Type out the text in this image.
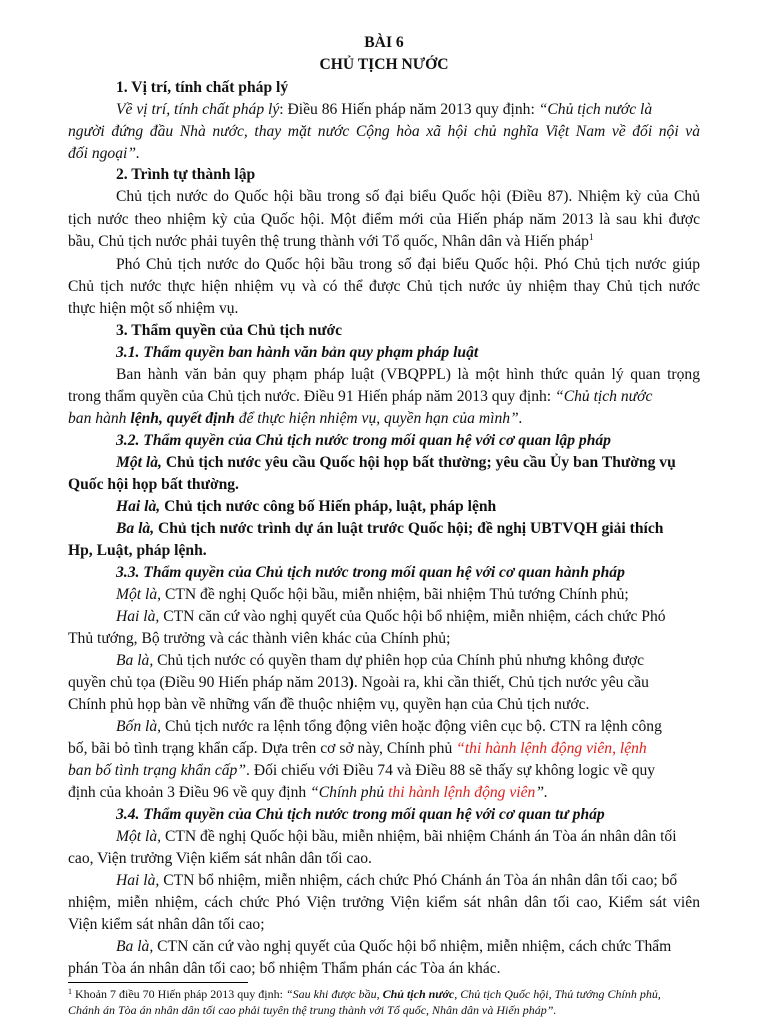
BÀI 6
CHỦ TỊCH NƯỚC
1. Vị trí, tính chất pháp lý
Về vị trí, tính chất pháp lý: Điều 86 Hiến pháp năm 2013 quy định: “Chủ tịch nước là
người đứng đầu Nhà nước, thay mặt nước Cộng hòa xã hội chủ nghĩa Việt Nam về đối nội và
đối ngoại”.
2. Trình tự thành lập
Chủ tịch nước do Quốc hội bầu trong số đại biểu Quốc hội (Điều 87). Nhiệm kỳ của Chủ
tịch nước theo nhiệm kỳ của Quốc hội. Một điểm mới của Hiến pháp năm 2013 là sau khi được
bầu, Chủ tịch nước phải tuyên thệ trung thành với Tổ quốc, Nhân dân và Hiến pháp$^1$
Phó Chủ tịch nước do Quốc hội bầu trong số đại biểu Quốc hội. Phó Chủ tịch nước giúp
Chủ tịch nước thực hiện nhiệm vụ và có thể được Chủ tịch nước ủy nhiệm thay Chủ tịch nước
thực hiện một số nhiệm vụ.
3. Thẩm quyền của Chủ tịch nước
3.1. Thẩm quyền ban hành văn bản quy phạm pháp luật
Ban hành văn bản quy phạm pháp luật (VBQPPL) là một hình thức quản lý quan trọng
trong thẩm quyền của Chủ tịch nước. Điều 91 Hiến pháp năm 2013 quy định: “Chủ tịch nước
ban hành lệnh, quyết định để thực hiện nhiệm vụ, quyền hạn của mình”.
3.2. Thẩm quyền của Chủ tịch nước trong mối quan hệ với cơ quan lập pháp
Một là, Chủ tịch nước yêu cầu Quốc hội họp bất thường; yêu cầu Ủy ban Thường vụ
Quốc hội họp bất thường.
Hai là, Chủ tịch nước công bố Hiến pháp, luật, pháp lệnh
Ba là, Chủ tịch nước trình dự án luật trước Quốc hội; đề nghị UBTVQH giải thích
Hp, Luật, pháp lệnh.
3.3. Thẩm quyền của Chủ tịch nước trong mối quan hệ với cơ quan hành pháp
Một là, CTN đề nghị Quốc hội bầu, miễn nhiệm, bãi nhiệm Thủ tướng Chính phủ;
Hai là, CTN căn cứ vào nghị quyết của Quốc hội bổ nhiệm, miễn nhiệm, cách chức Phó
Thủ tướng, Bộ trưởng và các thành viên khác của Chính phủ;
Ba là, Chủ tịch nước có quyền tham dự phiên họp của Chính phủ nhưng không được
quyền chủ tọa (Điều 90 Hiến pháp năm 2013). Ngoài ra, khi cần thiết, Chủ tịch nước yêu cầu
Chính phủ họp bàn về những vấn đề thuộc nhiệm vụ, quyền hạn của Chủ tịch nước.
Bốn là, Chủ tịch nước ra lệnh tổng động viên hoặc động viên cục bộ. CTN ra lệnh công
bố, bãi bỏ tình trạng khẩn cấp. Dựa trên cơ sở này, Chính phủ “thi hành lệnh động viên, lệnh
ban bố tình trạng khẩn cấp”. Đối chiếu với Điều 74 và Điều 88 sẽ thấy sự không logic về quy
định của khoản 3 Điều 96 về quy định “Chính phủ thi hành lệnh động viên”.
3.4. Thẩm quyền của Chủ tịch nước trong mối quan hệ với cơ quan tư pháp
Một là, CTN đề nghị Quốc hội bầu, miễn nhiệm, bãi nhiệm Chánh án Tòa án nhân dân tối
cao, Viện trưởng Viện kiểm sát nhân dân tối cao.
Hai là, CTN bổ nhiệm, miễn nhiệm, cách chức Phó Chánh án Tòa án nhân dân tối cao; bổ
nhiệm, miễn nhiệm, cách chức Phó Viện trưởng Viện kiểm sát nhân dân tối cao, Kiểm sát viên
Viện kiểm sát nhân dân tối cao;
Ba là, CTN căn cứ vào nghị quyết của Quốc hội bổ nhiệm, miễn nhiệm, cách chức Thẩm
phán Tòa án nhân dân tối cao; bổ nhiệm Thẩm phán các Tòa án khác.
$^1$ Khoản 7 điều 70 Hiến pháp 2013 quy định: “Sau khi được bầu, Chủ tịch nước, Chủ tịch Quốc hội, Thủ tướng Chính phủ,
Chánh án Tòa án nhân dân tối cao phải tuyên thệ trung thành với Tổ quốc, Nhân dân và Hiến pháp”.
